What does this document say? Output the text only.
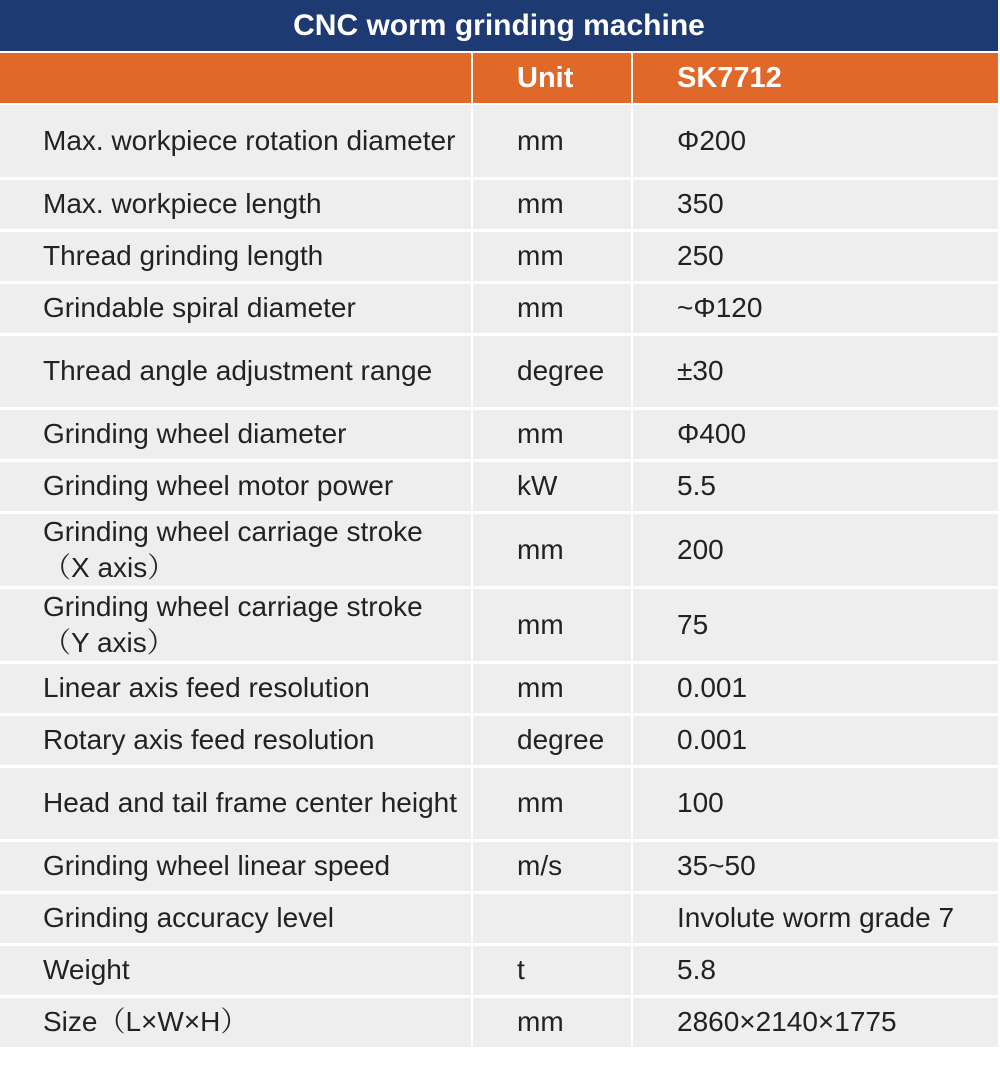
CNC worm grinding machine		
	Unit	SK7712
Max. workpiece rotation diameter	mm	Φ200
Max. workpiece length	mm	350
Thread grinding length	mm	250
Grindable spiral diameter	mm	~Φ120
Thread angle adjustment range	degree	±30
Grinding wheel diameter	mm	Φ400
Grinding wheel motor power	kW	5.5
Grinding wheel carriage stroke（X axis）	mm	200
Grinding wheel carriage stroke（Y axis）	mm	75
Linear axis feed resolution	mm	0.001
Rotary axis feed resolution	degree	0.001
Head and tail frame center height	mm	100
Grinding wheel linear speed	m/s	35~50
Grinding accuracy level		Involute worm grade 7
Weight	t	5.8
Size（L×W×H）	mm	2860×2140×1775
